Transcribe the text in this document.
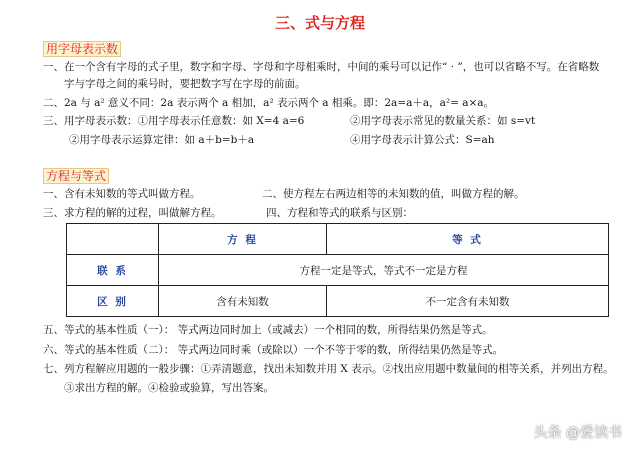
三、式与方程
用字母表示数
一、在一个含有字母的式子里，数字和字母、字母和字母相乘时，中间的乘号可以记作“ · ”，也可以省略不写。在省略数
字与字母之间的乘号时，要把数字写在字母的前面。
二、2a 与 a² 意义不同：2a 表示两个 a 相加，a² 表示两个 a 相乘。即：2a=a＋a，a²= a×a。
三、用字母表示数：①用字母表示任意数：如 X=4 a=6	②用字母表示常见的数量关系：如 s=vt
②用字母表示运算定律：如 a＋b=b＋a	④用字母表示计算公式：S=ah
方程与等式
一、含有未知数的等式叫做方程。	二、使方程左右两边相等的未知数的值，叫做方程的解。
三、求方程的解的过程，叫做解方程。	四、方程和等式的联系与区别：
	方 程	等 式
联 系	方程一定是等式，等式不一定是方程	
区 别	含有未知数	不一定含有未知数
五、等式的基本性质（一）： 等式两边同时加上（或减去）一个相同的数，所得结果仍然是等式。
六、等式的基本性质（二）： 等式两边同时乘（或除以）一个不等于零的数，所得结果仍然是等式。
七、列方程解应用题的一般步骤：①弄清题意，找出未知数并用 X 表示。②找出应用题中数量间的相等关系，并列出方程。
③求出方程的解。④检验或验算，写出答案。
头条 @爱读书
